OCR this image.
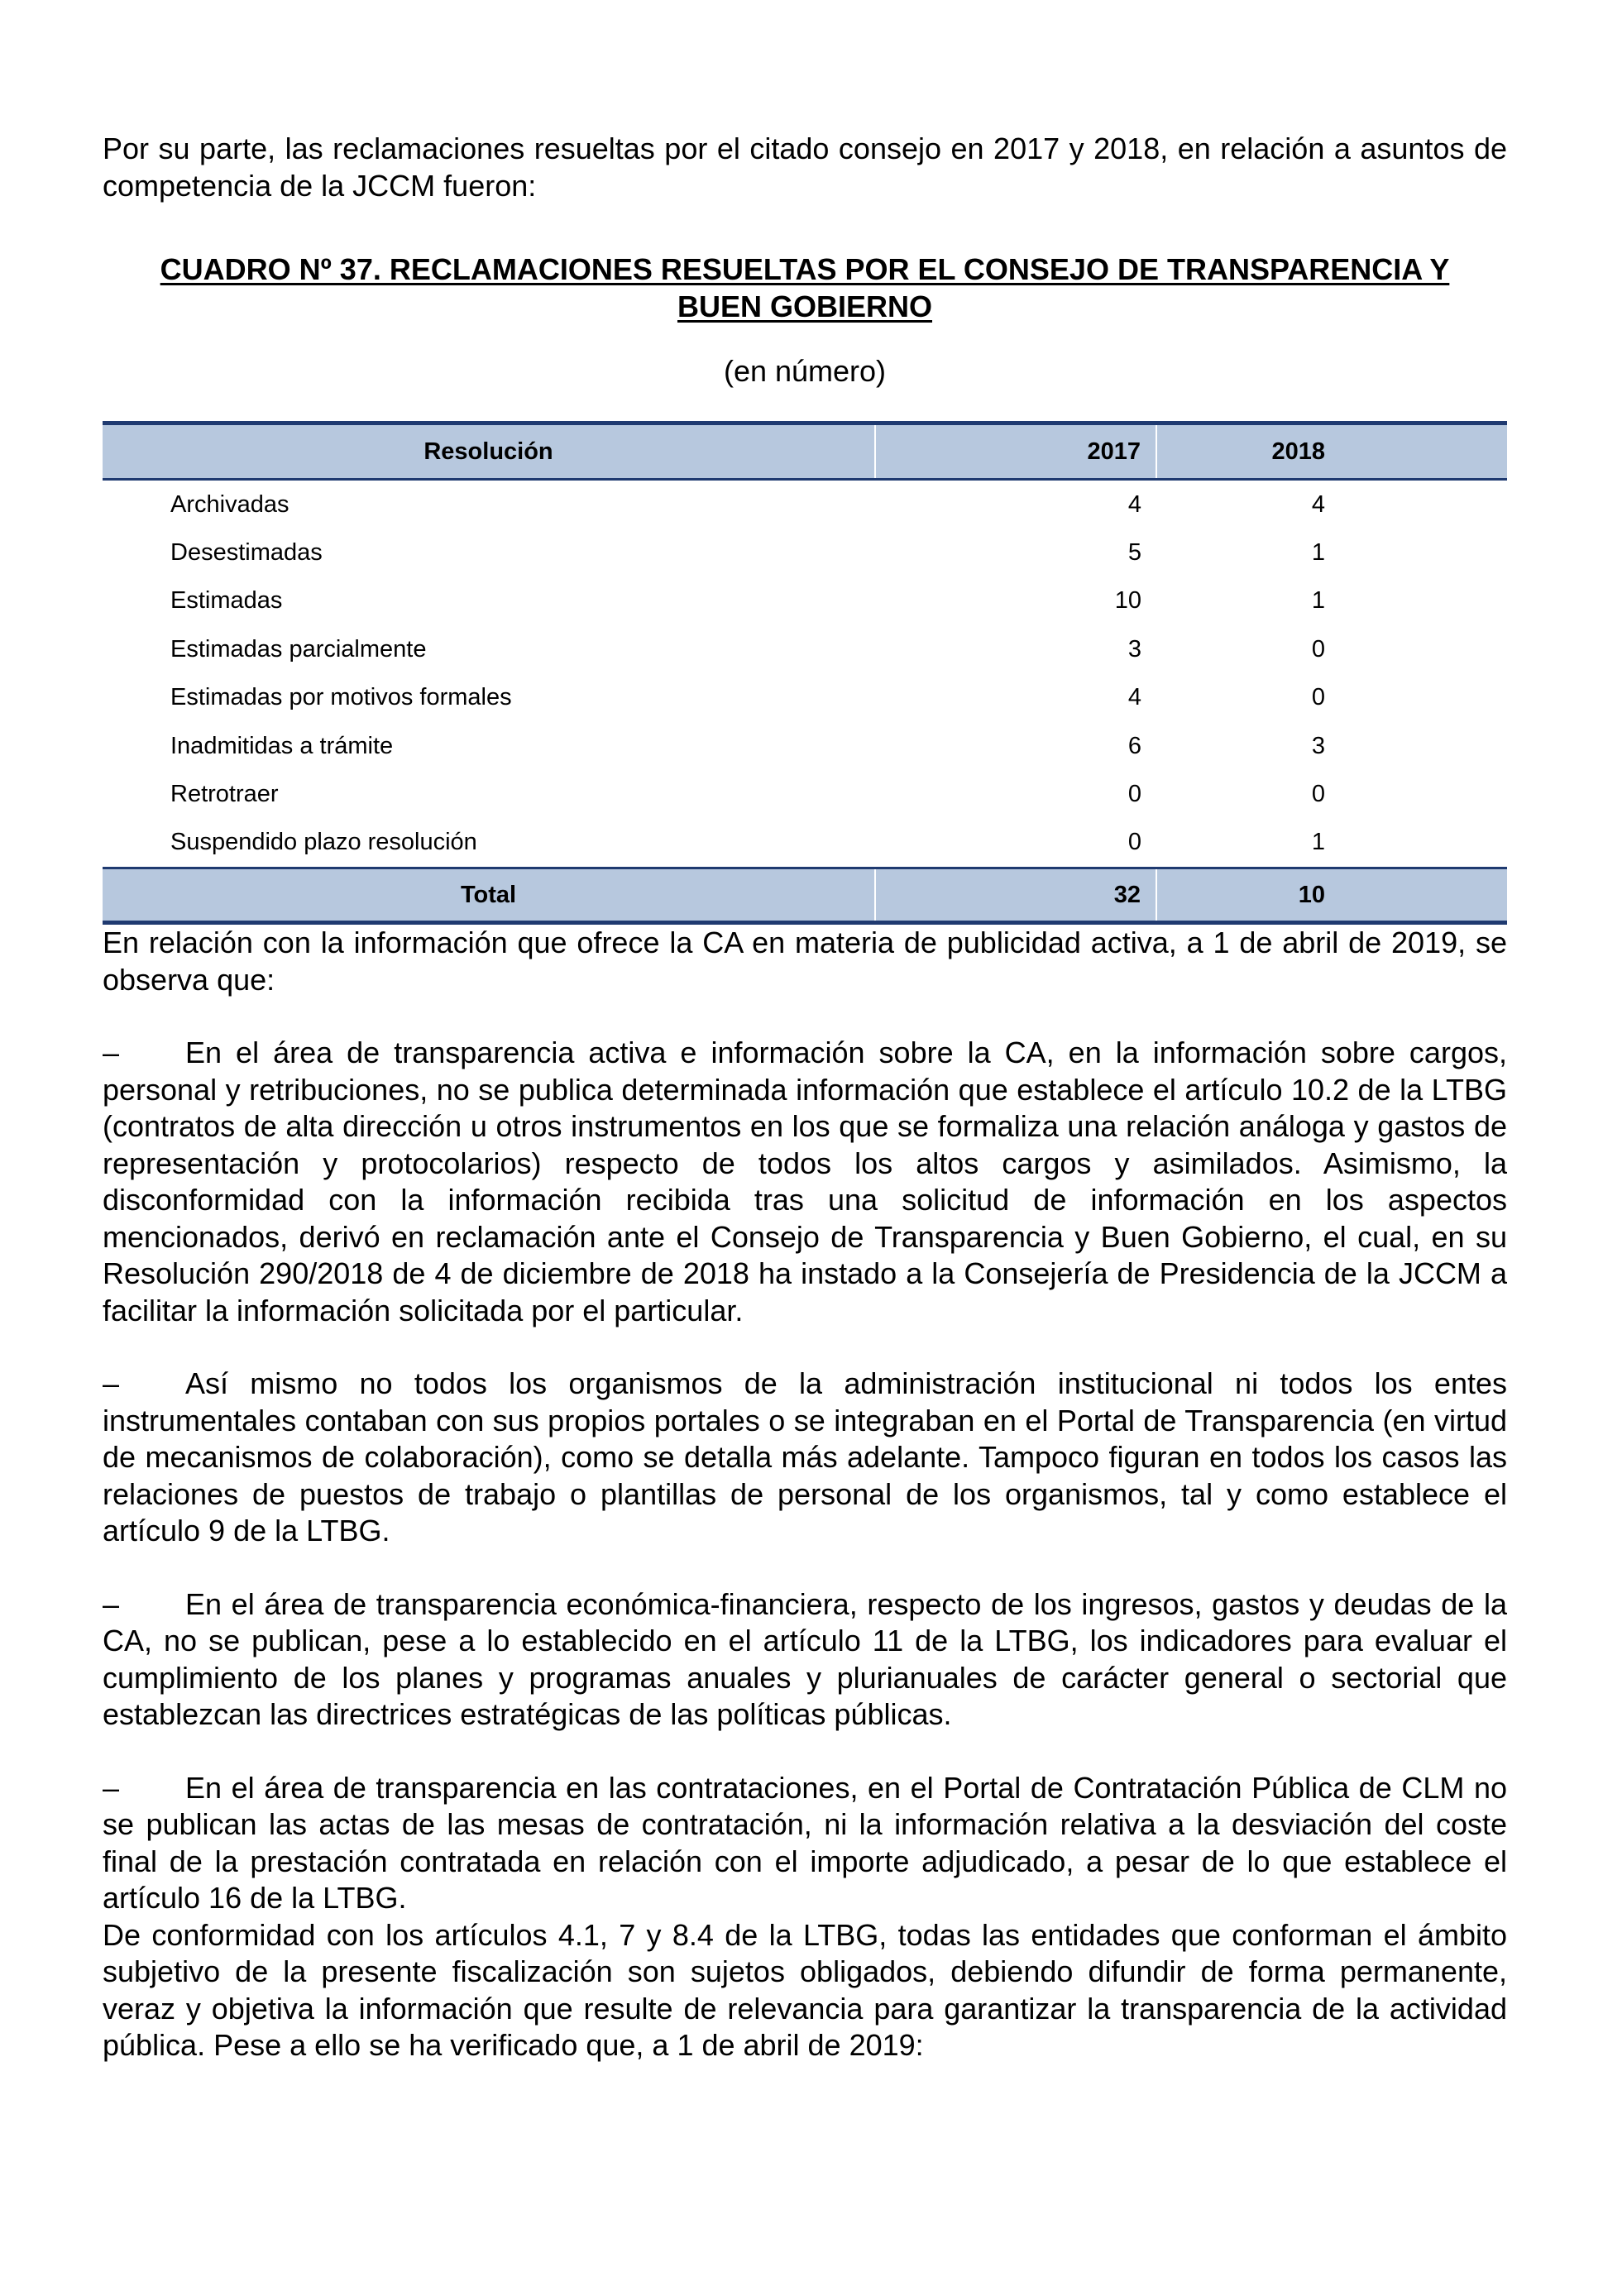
Por su parte, las reclamaciones resueltas por el citado consejo en 2017 y 2018, en relación a asuntos de competencia de la JCCM fueron:

CUADRO Nº 37. RECLAMACIONES RESUELTAS POR EL CONSEJO DE TRANSPARENCIA Y
BUEN GOBIERNO
(en número)
Resolución	2017	2018
Archivadas	4	4
Desestimadas	5	1
Estimadas	10	1
Estimadas parcialmente	3	0
Estimadas por motivos formales	4	0
Inadmitidas a trámite	6	3
Retrotraer	0	0
Suspendido plazo resolución	0	1
Total	32	10

En relación con la información que ofrece la CA en materia de publicidad activa, a 1 de abril de 2019, se observa que:

– En el área de transparencia activa e información sobre la CA, en la información sobre cargos, personal y retribuciones, no se publica determinada información que establece el artículo 10.2 de la LTBG (contratos de alta dirección u otros instrumentos en los que se formaliza una relación análoga y gastos de representación y protocolarios) respecto de todos los altos cargos y asimilados. Asimismo, la disconformidad con la información recibida tras una solicitud de información en los aspectos mencionados, derivó en reclamación ante el Consejo de Transparencia y Buen Gobierno, el cual, en su Resolución 290/2018 de 4 de diciembre de 2018 ha instado a la Consejería de Presidencia de la JCCM a facilitar la información solicitada por el particular.

– Así mismo no todos los organismos de la administración institucional ni todos los entes instrumentales contaban con sus propios portales o se integraban en el Portal de Transparencia (en virtud de mecanismos de colaboración), como se detalla más adelante. Tampoco figuran en todos los casos las relaciones de puestos de trabajo o plantillas de personal de los organismos, tal y como establece el artículo 9 de la LTBG.

– En el área de transparencia económica-financiera, respecto de los ingresos, gastos y deudas de la CA, no se publican, pese a lo establecido en el artículo 11 de la LTBG, los indicadores para evaluar el cumplimiento de los planes y programas anuales y plurianuales de carácter general o sectorial que establezcan las directrices estratégicas de las políticas públicas.

– En el área de transparencia en las contrataciones, en el Portal de Contratación Pública de CLM no se publican las actas de las mesas de contratación, ni la información relativa a la desviación del coste final de la prestación contratada en relación con el importe adjudicado, a pesar de lo que establece el artículo 16 de la LTBG.

De conformidad con los artículos 4.1, 7 y 8.4 de la LTBG, todas las entidades que conforman el ámbito subjetivo de la presente fiscalización son sujetos obligados, debiendo difundir de forma permanente, veraz y objetiva la información que resulte de relevancia para garantizar la transparencia de la actividad pública. Pese a ello se ha verificado que, a 1 de abril de 2019:
